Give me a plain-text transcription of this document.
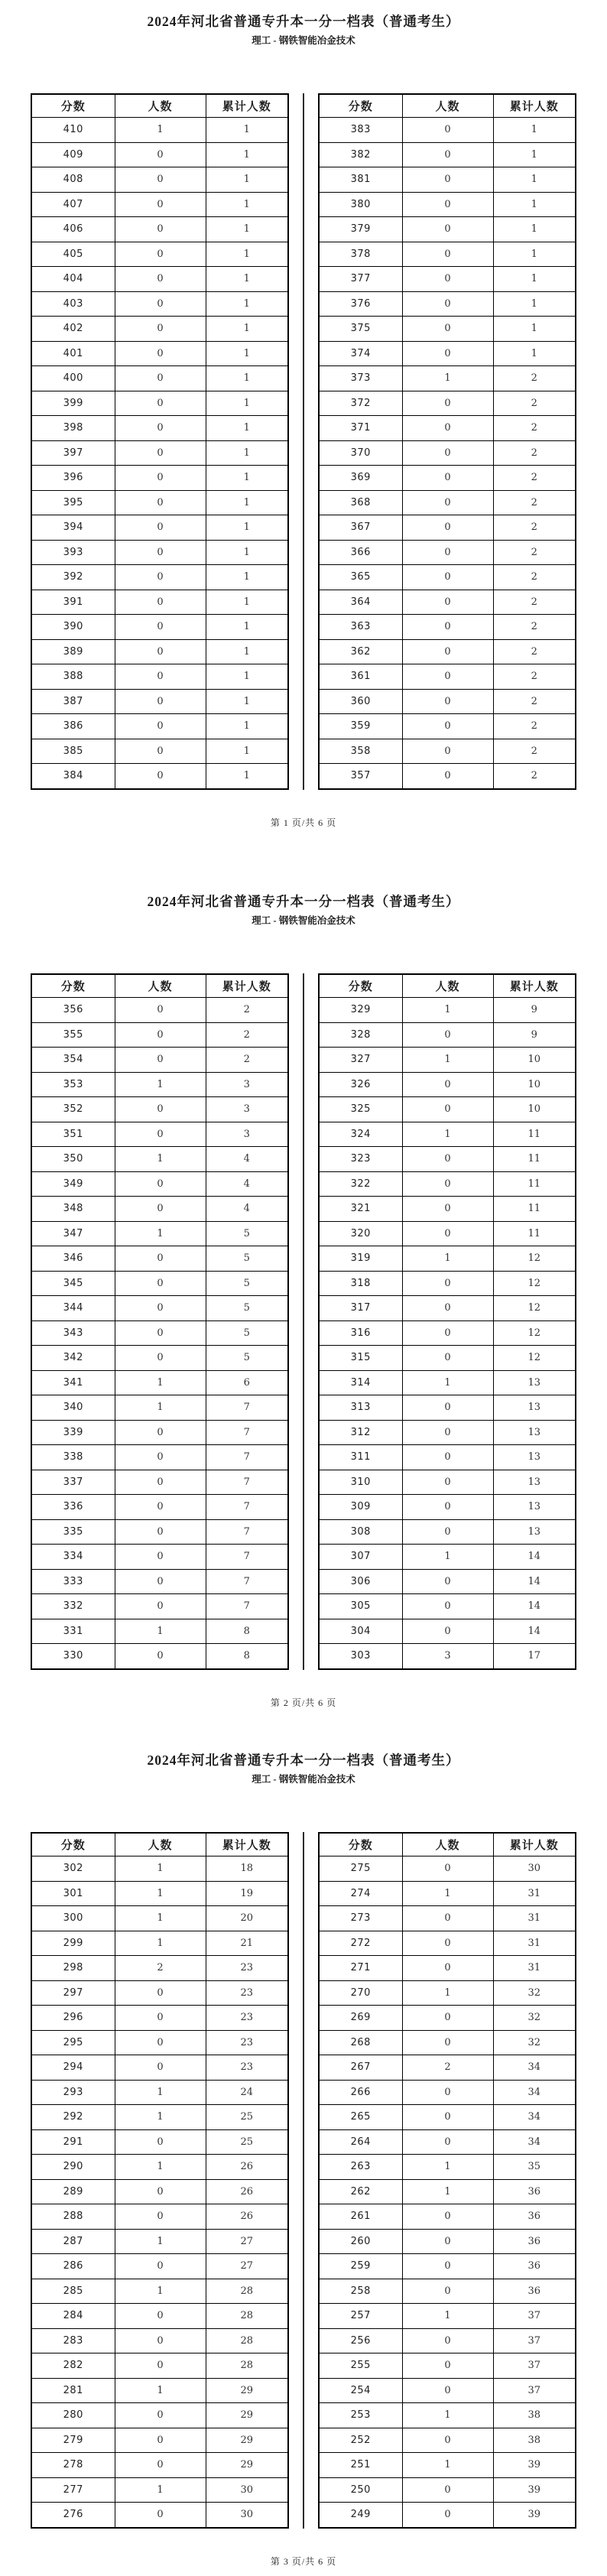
2024年河北省普通专升本一分一档表（普通考生）
理工 - 钢铁智能冶金技术
分数	人数	累计人数
410	1	1
409	0	1
408	0	1
407	0	1
406	0	1
405	0	1
404	0	1
403	0	1
402	0	1
401	0	1
400	0	1
399	0	1
398	0	1
397	0	1
396	0	1
395	0	1
394	0	1
393	0	1
392	0	1
391	0	1
390	0	1
389	0	1
388	0	1
387	0	1
386	0	1
385	0	1
384	0	1
分数	人数	累计人数
383	0	1
382	0	1
381	0	1
380	0	1
379	0	1
378	0	1
377	0	1
376	0	1
375	0	1
374	0	1
373	1	2
372	0	2
371	0	2
370	0	2
369	0	2
368	0	2
367	0	2
366	0	2
365	0	2
364	0	2
363	0	2
362	0	2
361	0	2
360	0	2
359	0	2
358	0	2
357	0	2
第 1 页/共 6 页
2024年河北省普通专升本一分一档表（普通考生）
理工 - 钢铁智能冶金技术
分数	人数	累计人数
356	0	2
355	0	2
354	0	2
353	1	3
352	0	3
351	0	3
350	1	4
349	0	4
348	0	4
347	1	5
346	0	5
345	0	5
344	0	5
343	0	5
342	0	5
341	1	6
340	1	7
339	0	7
338	0	7
337	0	7
336	0	7
335	0	7
334	0	7
333	0	7
332	0	7
331	1	8
330	0	8
分数	人数	累计人数
329	1	9
328	0	9
327	1	10
326	0	10
325	0	10
324	1	11
323	0	11
322	0	11
321	0	11
320	0	11
319	1	12
318	0	12
317	0	12
316	0	12
315	0	12
314	1	13
313	0	13
312	0	13
311	0	13
310	0	13
309	0	13
308	0	13
307	1	14
306	0	14
305	0	14
304	0	14
303	3	17
第 2 页/共 6 页
2024年河北省普通专升本一分一档表（普通考生）
理工 - 钢铁智能冶金技术
分数	人数	累计人数
302	1	18
301	1	19
300	1	20
299	1	21
298	2	23
297	0	23
296	0	23
295	0	23
294	0	23
293	1	24
292	1	25
291	0	25
290	1	26
289	0	26
288	0	26
287	1	27
286	0	27
285	1	28
284	0	28
283	0	28
282	0	28
281	1	29
280	0	29
279	0	29
278	0	29
277	1	30
276	0	30
分数	人数	累计人数
275	0	30
274	1	31
273	0	31
272	0	31
271	0	31
270	1	32
269	0	32
268	0	32
267	2	34
266	0	34
265	0	34
264	0	34
263	1	35
262	1	36
261	0	36
260	0	36
259	0	36
258	0	36
257	1	37
256	0	37
255	0	37
254	0	37
253	1	38
252	0	38
251	1	39
250	0	39
249	0	39
第 3 页/共 6 页
